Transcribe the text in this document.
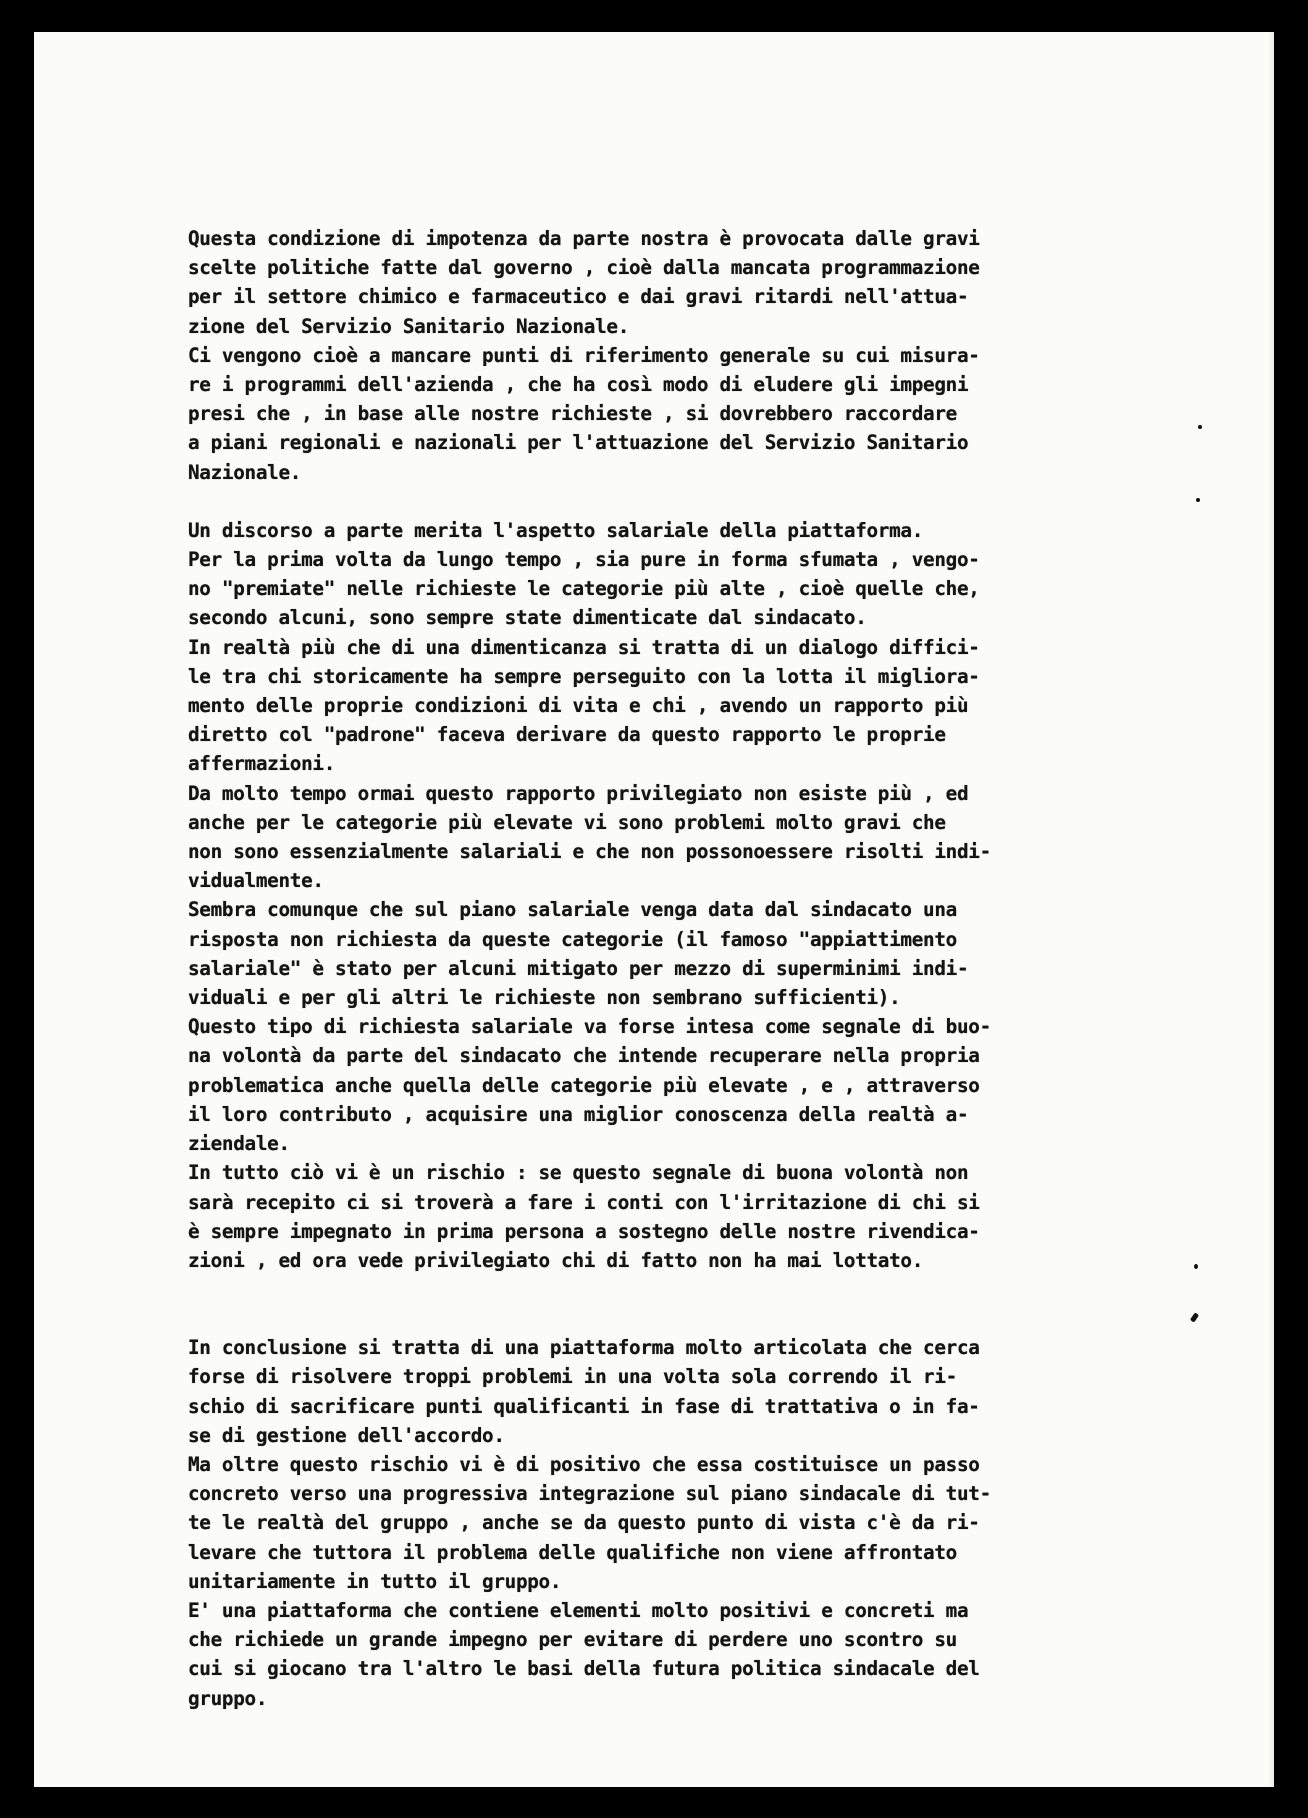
Questa condizione di impotenza da parte nostra è provocata dalle gravi
scelte politiche fatte dal governo , cioè dalla mancata programmazione
per il settore chimico e farmaceutico e dai gravi ritardi nell'attua-
zione del Servizio Sanitario Nazionale.
Ci vengono cioè a mancare punti di riferimento generale su cui misura-
re i programmi dell'azienda , che ha così modo di eludere gli impegni
presi che , in base alle nostre richieste , si dovrebbero raccordare
a piani regionali e nazionali per l'attuazione del Servizio Sanitario
Nazionale.
Un discorso a parte merita l'aspetto salariale della piattaforma.
Per la prima volta da lungo tempo , sia pure in forma sfumata , vengo-
no "premiate" nelle richieste le categorie più alte , cioè quelle che,
secondo alcuni, sono sempre state dimenticate dal sindacato.
In realtà più che di una dimenticanza si tratta di un dialogo diffici-
le tra chi storicamente ha sempre perseguito con la lotta il migliora-
mento delle proprie condizioni di vita e chi , avendo un rapporto più
diretto col "padrone" faceva derivare da questo rapporto le proprie
affermazioni.
Da molto tempo ormai questo rapporto privilegiato non esiste più , ed
anche per le categorie più elevate vi sono problemi molto gravi che
non sono essenzialmente salariali e che non possonoessere risolti indi-
vidualmente.
Sembra comunque che sul piano salariale venga data dal sindacato una
risposta non richiesta da queste categorie (il famoso "appiattimento
salariale" è stato per alcuni mitigato per mezzo di superminimi indi-
viduali e per gli altri le richieste non sembrano sufficienti).
Questo tipo di richiesta salariale va forse intesa come segnale di buo-
na volontà da parte del sindacato che intende recuperare nella propria
problematica anche quella delle categorie più elevate , e , attraverso
il loro contributo , acquisire una miglior conoscenza della realtà a-
ziendale.
In tutto ciò vi è un rischio : se questo segnale di buona volontà non
sarà recepito ci si troverà a fare i conti con l'irritazione di chi si
è sempre impegnato in prima persona a sostegno delle nostre rivendica-
zioni , ed ora vede privilegiato chi di fatto non ha mai lottato.
In conclusione si tratta di una piattaforma molto articolata che cerca
forse di risolvere troppi problemi in una volta sola correndo il ri-
schio di sacrificare punti qualificanti in fase di trattativa o in fa-
se di gestione dell'accordo.
Ma oltre questo rischio vi è di positivo che essa costituisce un passo
concreto verso una progressiva integrazione sul piano sindacale di tut-
te le realtà del gruppo , anche se da questo punto di vista c'è da ri-
levare che tuttora il problema delle qualifiche non viene affrontato
unitariamente in tutto il gruppo.
E' una piattaforma che contiene elementi molto positivi e concreti ma
che richiede un grande impegno per evitare di perdere uno scontro su
cui si giocano tra l'altro le basi della futura politica sindacale del
gruppo.
